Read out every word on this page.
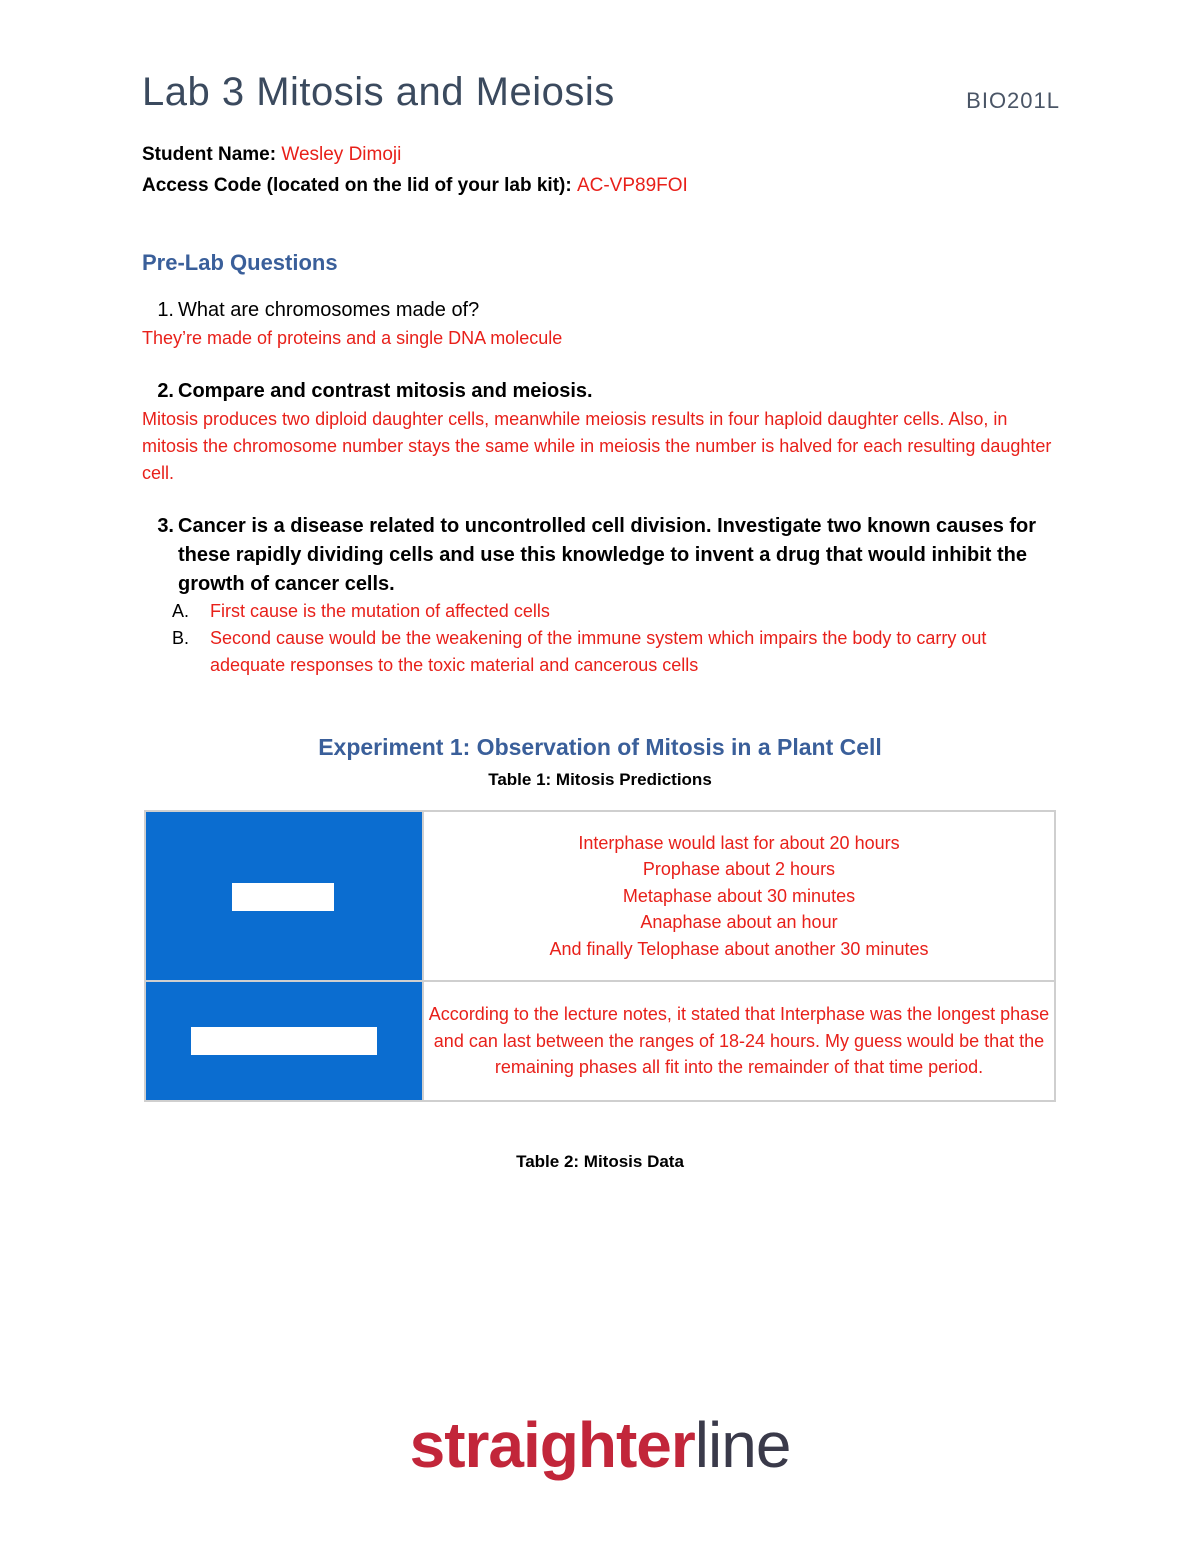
Lab 3 Mitosis and Meiosis	BIO201L
Student Name: Wesley Dimoji
Access Code (located on the lid of your lab kit): AC-VP89FOI
Pre-Lab Questions
1. What are chromosomes made of?
They’re made of proteins and a single DNA molecule
2. Compare and contrast mitosis and meiosis.
Mitosis produces two diploid daughter cells, meanwhile meiosis results in four haploid daughter cells. Also, in mitosis the chromosome number stays the same while in meiosis the number is halved for each resulting daughter cell.
3. Cancer is a disease related to uncontrolled cell division. Investigate two known causes for these rapidly dividing cells and use this knowledge to invent a drug that would inhibit the growth of cancer cells.
A.	First cause is the mutation of affected cells
B.	Second cause would be the weakening of the immune system which impairs the body to carry out adequate responses to the toxic material and cancerous cells
Experiment 1: Observation of Mitosis in a Plant Cell
Table 1: Mitosis Predictions

	Interphase would last for about 20 hours
Prophase about 2 hours
Metaphase about 30 minutes
Anaphase about an hour
And finally Telophase about another 30 minutes

	According to the lecture notes, it stated that Interphase was the longest phase and can last between the ranges of 18-24 hours. My guess would be that the remaining phases all fit into the remainder of that time period.
Table 2: Mitosis Data
straighterline
